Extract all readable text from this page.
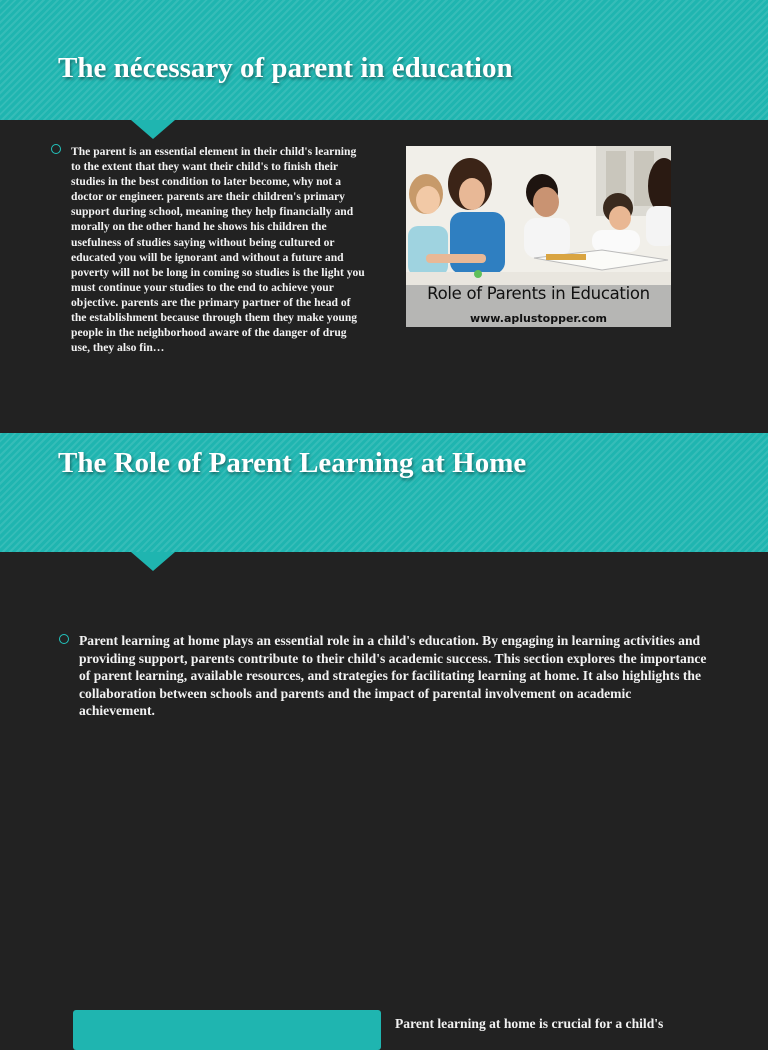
The nécessary of parent in éducation

The parent is an essential element in their child's learning to the extent that they want their child's to finish their studies in the best condition to later become, why not a doctor or engineer. parents are their children's primary support during school, meaning they help financially and morally on the other hand he shows his children the usefulness of studies saying without being cultured or educated you will be ignorant and without a future and poverty will not be long in coming so studies is the light you must continue your studies to the end to achieve your objective. parents are the primary partner of the head of the establishment because through them they make young people in the neighborhood aware of the danger of drug use, they also fin…

Role of Parents in Education
www.aplustopper.com
The Role of Parent Learning at Home

Parent learning at home plays an essential role in a child's education. By engaging in learning activities and providing support, parents contribute to their child's academic success. This section explores the importance of parent learning, available resources, and strategies for facilitating learning at home. It also highlights the collaboration between schools and parents and the impact of parental involvement on academic achievement.

Parent learning at home is crucial for a child's
